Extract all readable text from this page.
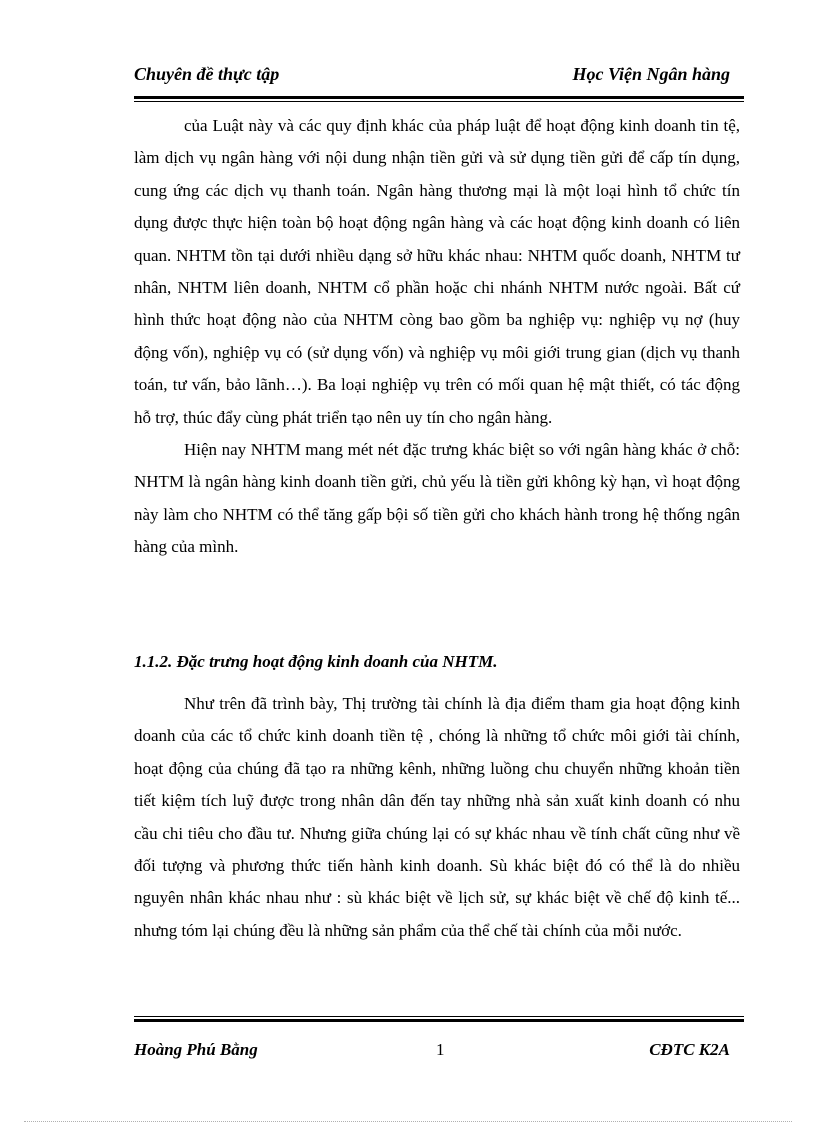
Chuyên đề thực tập	Học Viện Ngân hàng

của Luật này và các quy định khác của pháp luật để hoạt động kinh doanh tin tệ, làm dịch vụ ngân hàng với nội dung nhận tiền gửi và sử dụng tiền gửi để cấp tín dụng, cung ứng các dịch vụ thanh toán. Ngân hàng thương mại là một loại hình tổ chức tín dụng được thực hiện toàn bộ hoạt động ngân hàng và các hoạt động kinh doanh có liên quan. NHTM tồn tại dưới nhiều dạng sở hữu khác nhau: NHTM quốc doanh, NHTM tư nhân, NHTM liên doanh, NHTM cổ phần hoặc chi nhánh NHTM nước ngoài. Bất cứ hình thức hoạt động nào của NHTM còng bao gồm ba nghiệp vụ: nghiệp vụ nợ (huy động vốn), nghiệp vụ có (sử dụng vốn) và nghiệp vụ môi giới trung gian (dịch vụ thanh toán, tư vấn, bảo lãnh…). Ba loại nghiệp vụ trên có mối quan hệ mật thiết, có tác động hỗ trợ, thúc đẩy cùng phát triển tạo nên uy tín cho ngân hàng.

Hiện nay NHTM mang mét nét đặc trưng khác biệt so với ngân hàng khác ở chỗ: NHTM là ngân hàng kinh doanh tiền gửi, chủ yếu là tiền gửi không kỳ hạn, vì hoạt động này làm cho NHTM có thể tăng gấp bội số tiền gửi cho khách hành trong hệ thống ngân hàng của mình.

1.1.2. Đặc trưng hoạt động kinh doanh của NHTM.

Như trên đã trình bày, Thị trường tài chính là địa điểm tham gia hoạt động kinh doanh của các tổ chức kinh doanh tiền tệ , chóng là những tổ chức môi giới tài chính, hoạt động của chúng đã tạo ra những kênh, những luồng chu chuyển những khoản tiền tiết kiệm tích luỹ được trong nhân dân đến tay những nhà sản xuất kinh doanh có nhu cầu chi tiêu cho đầu tư. Nhưng giữa chúng lại có sự khác nhau về tính chất cũng như về đối tượng và phương thức tiến hành kinh doanh. Sù khác biệt đó có thể là do nhiều nguyên nhân khác nhau như : sù khác biệt về lịch sử, sự khác biệt về chế độ kinh tế... nhưng tóm lại chúng đều là những sản phẩm của thể chế tài chính của mỗi nước.

Hoàng Phú Bằng	1	CĐTC K2A
